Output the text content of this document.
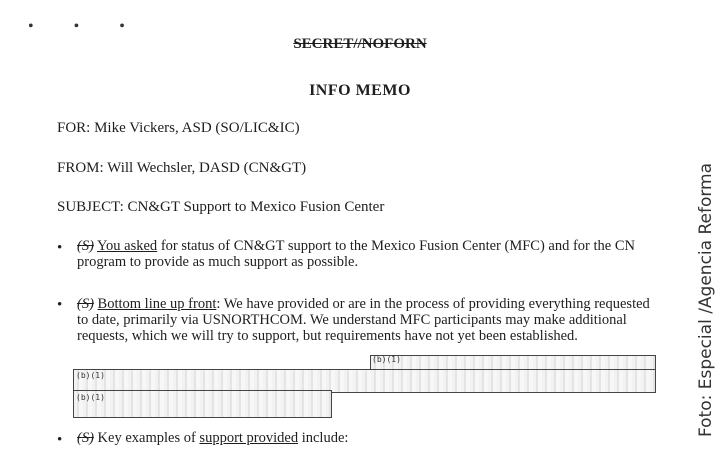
• • •
SECRET//NOFORN
INFO MEMO
FOR: Mike Vickers, ASD (SO/LIC&IC)
FROM: Will Wechsler, DASD (CN&GT)
SUBJECT: CN&GT Support to Mexico Fusion Center
• (S) You asked for status of CN&GT support to the Mexico Fusion Center (MFC) and for the CN program to provide as much support as possible.
• (S) Bottom line up front: We have provided or are in the process of providing everything requested to date, primarily via USNORTHCOM. We understand MFC participants may make additional requests, which we will try to support, but requirements have not yet been established.
(b)(1)
(b)(1)
(b)(1)
• (S) Key examples of support provided include:
Foto: Especial /Agencia Reforma
